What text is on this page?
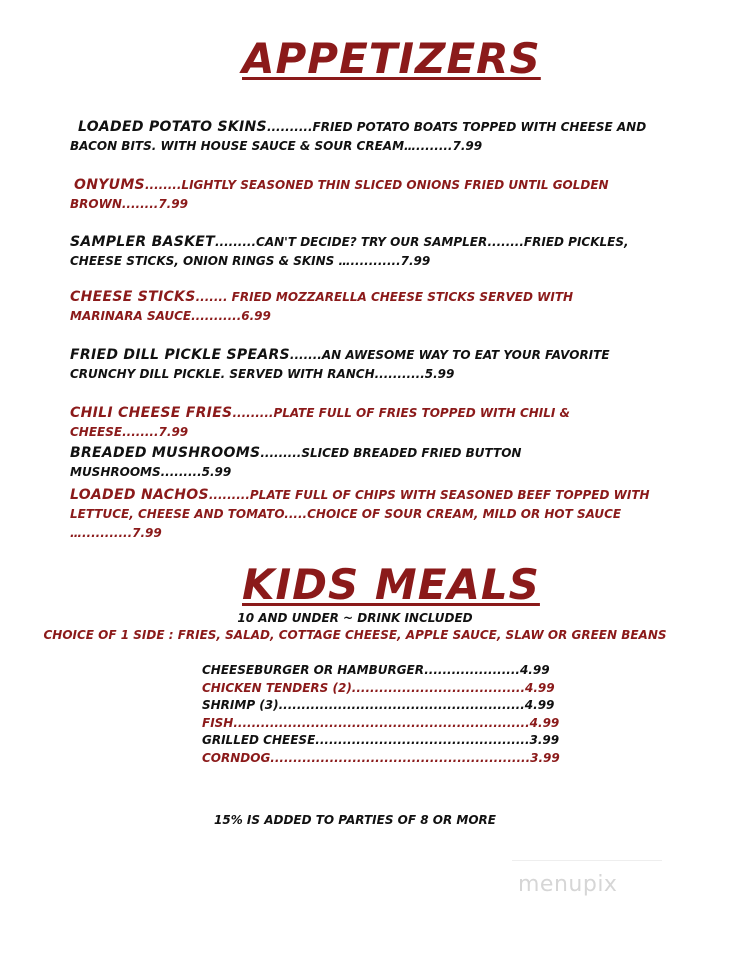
APPETIZERS
LOADED POTATO SKINS..........FRIED POTATO BOATS TOPPED WITH CHEESE AND BACON BITS. WITH HOUSE SAUCE & SOUR CREAM…........7.99
ONYUMS........LIGHTLY SEASONED THIN SLICED ONIONS FRIED UNTIL GOLDEN BROWN........7.99
SAMPLER BASKET.........CAN'T DECIDE? TRY OUR SAMPLER........FRIED PICKLES, CHEESE STICKS, ONION RINGS & SKINS …...........7.99
CHEESE STICKS....... FRIED MOZZARELLA CHEESE STICKS SERVED WITH MARINARA SAUCE...........6.99
FRIED DILL PICKLE SPEARS.......AN AWESOME WAY TO EAT YOUR FAVORITE CRUNCHY DILL PICKLE. SERVED WITH RANCH...........5.99
CHILI CHEESE FRIES.........PLATE FULL OF FRIES TOPPED WITH CHILI & CHEESE........7.99
BREADED MUSHROOMS.........SLICED BREADED FRIED BUTTON MUSHROOMS.........5.99
LOADED NACHOS.........PLATE FULL OF CHIPS WITH SEASONED BEEF TOPPED WITH LETTUCE, CHEESE AND TOMATO.....CHOICE OF SOUR CREAM, MILD OR HOT SAUCE …...........7.99
KIDS MEALS
10 AND UNDER ~ DRINK INCLUDED
CHOICE OF 1 SIDE : FRIES, SALAD, COTTAGE CHEESE, APPLE SAUCE, SLAW OR GREEN BEANS
CHEESEBURGER OR HAMBURGER.....................4.99
CHICKEN TENDERS (2)......................................4.99
SHRIMP (3)......................................................4.99
FISH.................................................................4.99
GRILLED CHEESE...............................................3.99
CORNDOG.........................................................3.99
15% IS ADDED TO PARTIES OF 8 OR MORE
menupix
